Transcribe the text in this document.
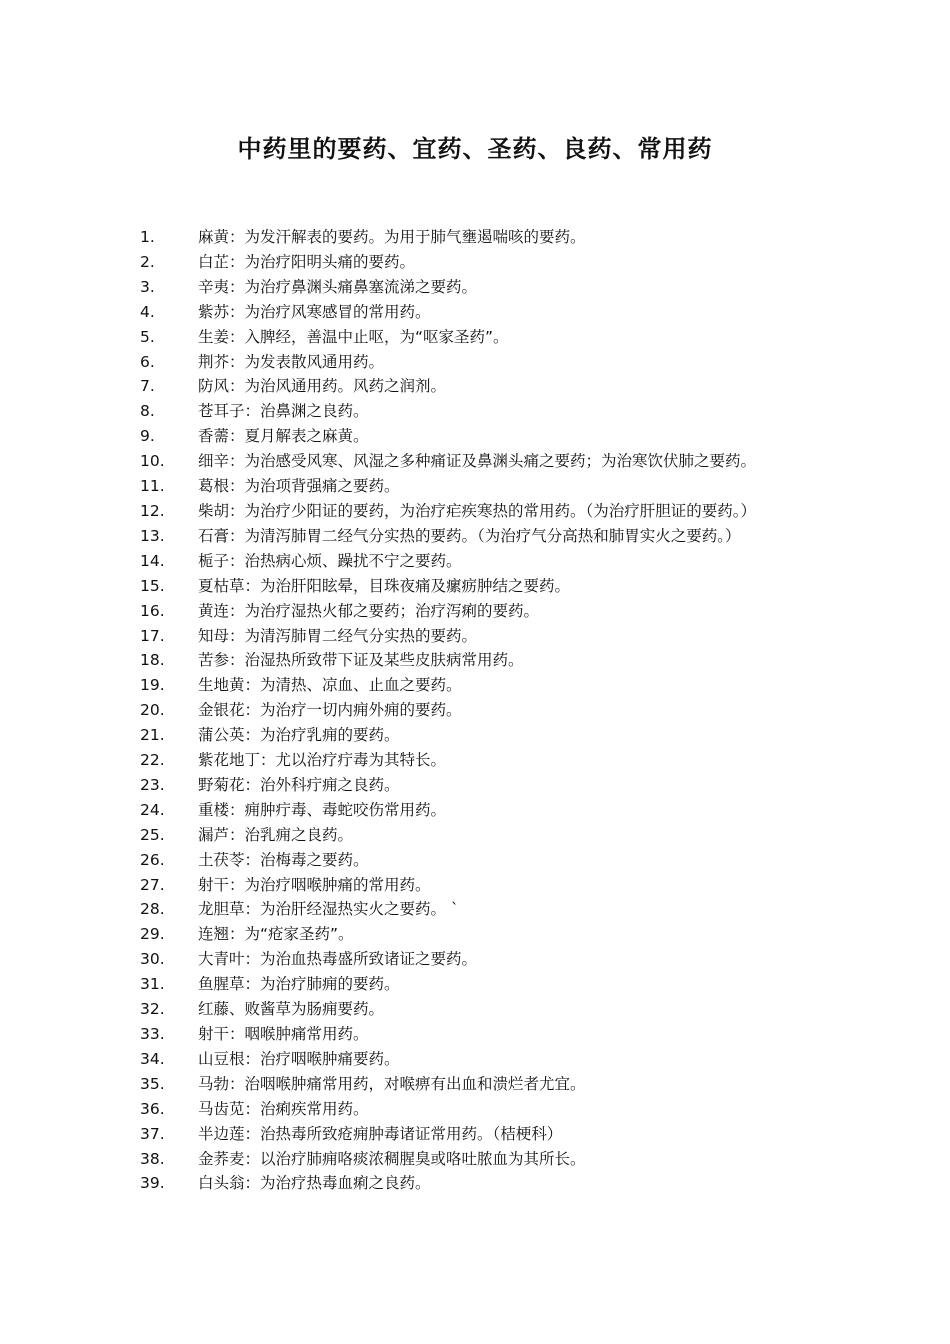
中药里的要药、宜药、圣药、良药、常用药
1.	麻黄：为发汗解表的要药。为用于肺气壅遏喘咳的要药。
2.	白芷：为治疗阳明头痛的要药。
3.	辛夷：为治疗鼻渊头痛鼻塞流涕之要药。
4.	紫苏：为治疗风寒感冒的常用药。
5.	生姜：入脾经，善温中止呕，为“呕家圣药”。
6.	荆芥：为发表散风通用药。
7.	防风：为治风通用药。风药之润剂。
8.	苍耳子：治鼻渊之良药。
9.	香薷：夏月解表之麻黄。
10. 细辛：为治感受风寒、风湿之多种痛证及鼻渊头痛之要药；为治寒饮伏肺之要药。
11. 葛根：为治项背强痛之要药。
12. 柴胡：为治疗少阳证的要药，为治疗疟疾寒热的常用药。（为治疗肝胆证的要药。）
13. 石膏：为清泻肺胃二经气分实热的要药。（为治疗气分高热和肺胃实火之要药。）
14. 栀子：治热病心烦、躁扰不宁之要药。
15. 夏枯草：为治肝阳眩晕，目珠夜痛及瘰疬肿结之要药。
16. 黄连：为治疗湿热火郁之要药；治疗泻痢的要药。
17. 知母：为清泻肺胃二经气分实热的要药。
18. 苦参：治湿热所致带下证及某些皮肤病常用药。
19. 生地黄：为清热、凉血、止血之要药。
20. 金银花：为治疗一切内痈外痈的要药。
21. 蒲公英：为治疗乳痈的要药。
22. 紫花地丁：尤以治疗疔毒为其特长。
23. 野菊花：治外科疔痈之良药。
24. 重楼：痈肿疔毒、毒蛇咬伤常用药。
25. 漏芦：治乳痈之良药。
26. 土茯苓：治梅毒之要药。
27. 射干：为治疗咽喉肿痛的常用药。
28. 龙胆草：为治肝经湿热实火之要药。 `
29. 连翘：为“疮家圣药”。
30. 大青叶：为治血热毒盛所致诸证之要药。
31. 鱼腥草：为治疗肺痈的要药。
32. 红藤、败酱草为肠痈要药。
33. 射干：咽喉肿痛常用药。
34. 山豆根：治疗咽喉肿痛要药。
35. 马勃：治咽喉肿痛常用药，对喉痹有出血和溃烂者尤宜。
36. 马齿苋：治痢疾常用药。
37. 半边莲：治热毒所致疮痈肿毒诸证常用药。（桔梗科）
38. 金荞麦：以治疗肺痈咯痰浓稠腥臭或咯吐脓血为其所长。
39. 白头翁：为治疗热毒血痢之良药。
